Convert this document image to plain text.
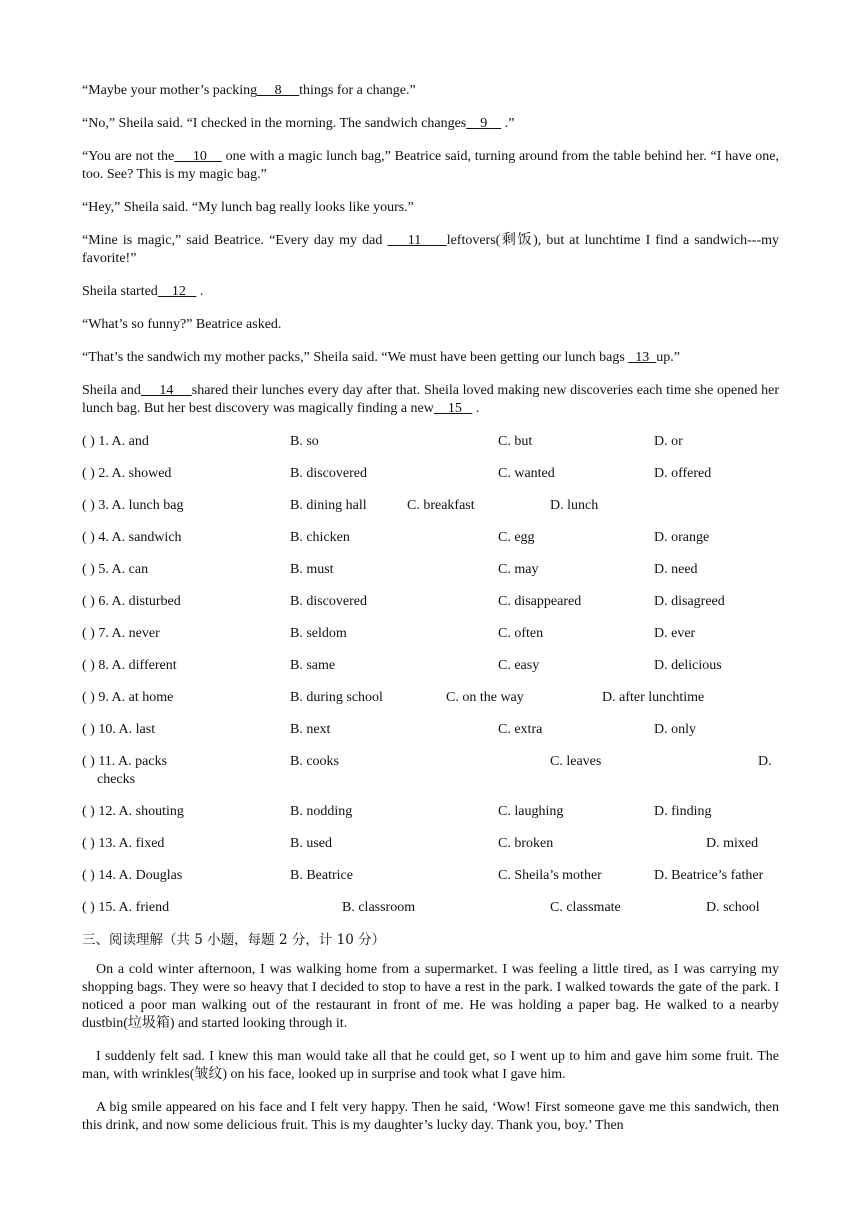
“Maybe your mother’s packing     8     things for a change.”

“No,” Sheila said. “I checked in the morning. The sandwich changes    9     .”

“You are not the     10     one with a magic lunch bag,” Beatrice said, turning around from the table behind her. “I have one, too. See? This is my magic bag.”

“Hey,” Sheila said. “My lunch bag really looks like yours.”

“Mine is magic,” said Beatrice. “Every day my dad     11     leftovers(剩饭), but at lunchtime I find a sandwich---my favorite!”

Sheila started    12    .

“What’s so funny?” Beatrice asked.

“That’s the sandwich my mother packs,” Sheila said. “We must have been getting our lunch bags   13  up.”

Sheila and     14     shared their lunches every day after that. Sheila loved making new discoveries each time she opened her lunch bag. But her best discovery was magically finding a new    15    .

( ) 1. A. and	B. so	C. but	D. or
( ) 2. A. showed	B. discovered	C. wanted	D. offered
( ) 3. A. lunch bag	B. dining hall	C. breakfast	D. lunch
( ) 4. A. sandwich	B. chicken	C. egg	D. orange
( ) 5. A. can	B. must	C. may	D. need
( ) 6. A. disturbed	B. discovered	C. disappeared	D. disagreed
( ) 7. A. never	B. seldom	C. often	D. ever
( ) 8. A. different	B. same	C. easy	D. delicious
( ) 9. A. at home	B. during school	C. on the way	D. after lunchtime
( ) 10. A. last	B. next	C. extra	D. only
( ) 11. A. packs	B. cooks	C. leaves	D.
checks
( ) 12. A. shouting	B. nodding	C. laughing	D. finding
( ) 13. A. fixed	B. used	C. broken	D. mixed
( ) 14. A. Douglas	B. Beatrice	C. Sheila’s mother	D. Beatrice’s father
( ) 15. A. friend	B. classroom	C. classmate	D. school
三、阅读理解（共 5 小题，每题 2 分，计 10 分）

On a cold winter afternoon, I was walking home from a supermarket. I was feeling a little tired, as I was carrying my shopping bags. They were so heavy that I decided to stop to have a rest in the park. I walked towards the gate of the park. I noticed a poor man walking out of the restaurant in front of me. He was holding a paper bag. He walked to a nearby dustbin(垃圾箱) and started looking through it.

I suddenly felt sad. I knew this man would take all that he could get, so I went up to him and gave him some fruit. The man, with wrinkles(皱纹) on his face, looked up in surprise and took what I gave him.

A big smile appeared on his face and I felt very happy. Then he said, ‘Wow! First someone gave me this sandwich, then this drink, and now some delicious fruit. This is my daughter’s lucky day. Thank you, boy.’ Then
